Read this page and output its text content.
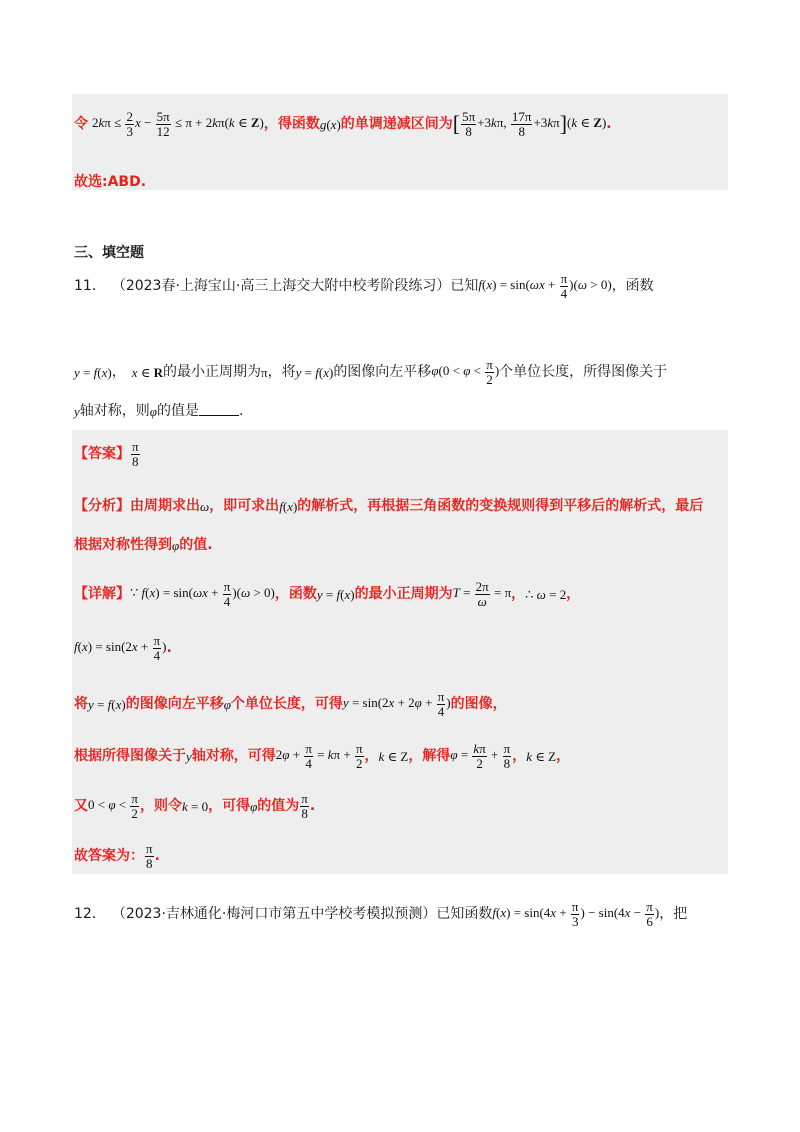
令 $2k\pi \le \frac{2}{3}$ $x - \frac{5\pi}{12} \le \pi + 2k\pi(k$ ∈ Z) ，得函数 g(x) 的单调递减区间为 [ $\frac{5\pi}{8} +3k\pi$, $\frac{17\pi}{8} +3k\pi](k$ ∈ Z) .
故选:ABD.
三、填空题
11． （2023春·上海宝山·高三上海交大附中校考阶段练习）已知 $f(x) = \sin(\omega x + \frac{\pi}{4} )(\omega > 0)$ ，函数
y = f(x) ， x ∈ R 的最小正周期为 π ，将 y = f(x) 的图像向左平移 $\varphi(0 < \varphi < \frac{\pi}{2}$ ) 个单位长度，所得图像关于
y 轴对称，则 φ 的值是	.
【答案】 $\frac{\pi}{8}$
【分析】 由周期求出 ω ，即可求出 f(x) 的解析式，再根据三角函数的变换规则得到平移后的解析式，最后
根据对称性得到 φ 的值.
【详解】 ∵ $f(x) = \sin(\omega x + \frac{\pi}{4} )(\omega > 0)$ ，函数 y = f(x) 的最小正周期为 $T = \frac{2\pi}{\omega} = \pi$ ， ∴ ω = 2 ，
$f(x) = \sin(2x + \frac{\pi}{4}$ ) .
将 y = f(x) 的图像向左平移 φ 个单位长度，可得 $y = \sin(2x + 2\varphi + \frac{\pi}{4}$ ) 的图像，
根据所得图像关于 y 轴对称，可得 $2\varphi + \frac{\pi}{4} = k\pi + \frac{\pi}{2}$ ， k ∈ Z ，解得 $\varphi = \frac{k\pi}{2} + \frac{\pi}{8}$ ， k ∈ Z ，
又 $0 < \varphi < \frac{\pi}{2}$ ，则令 k = 0 ，可得 φ 的值为 $\frac{\pi}{8}$ .
故答案为： $\frac{\pi}{8}$ .
12． （2023·吉林通化·梅河口市第五中学校考模拟预测）已知函数 $f(x) = \sin(4x + \frac{\pi}{3}$ ) − $\sin(4x - \frac{\pi}{6}$ ) ，把
